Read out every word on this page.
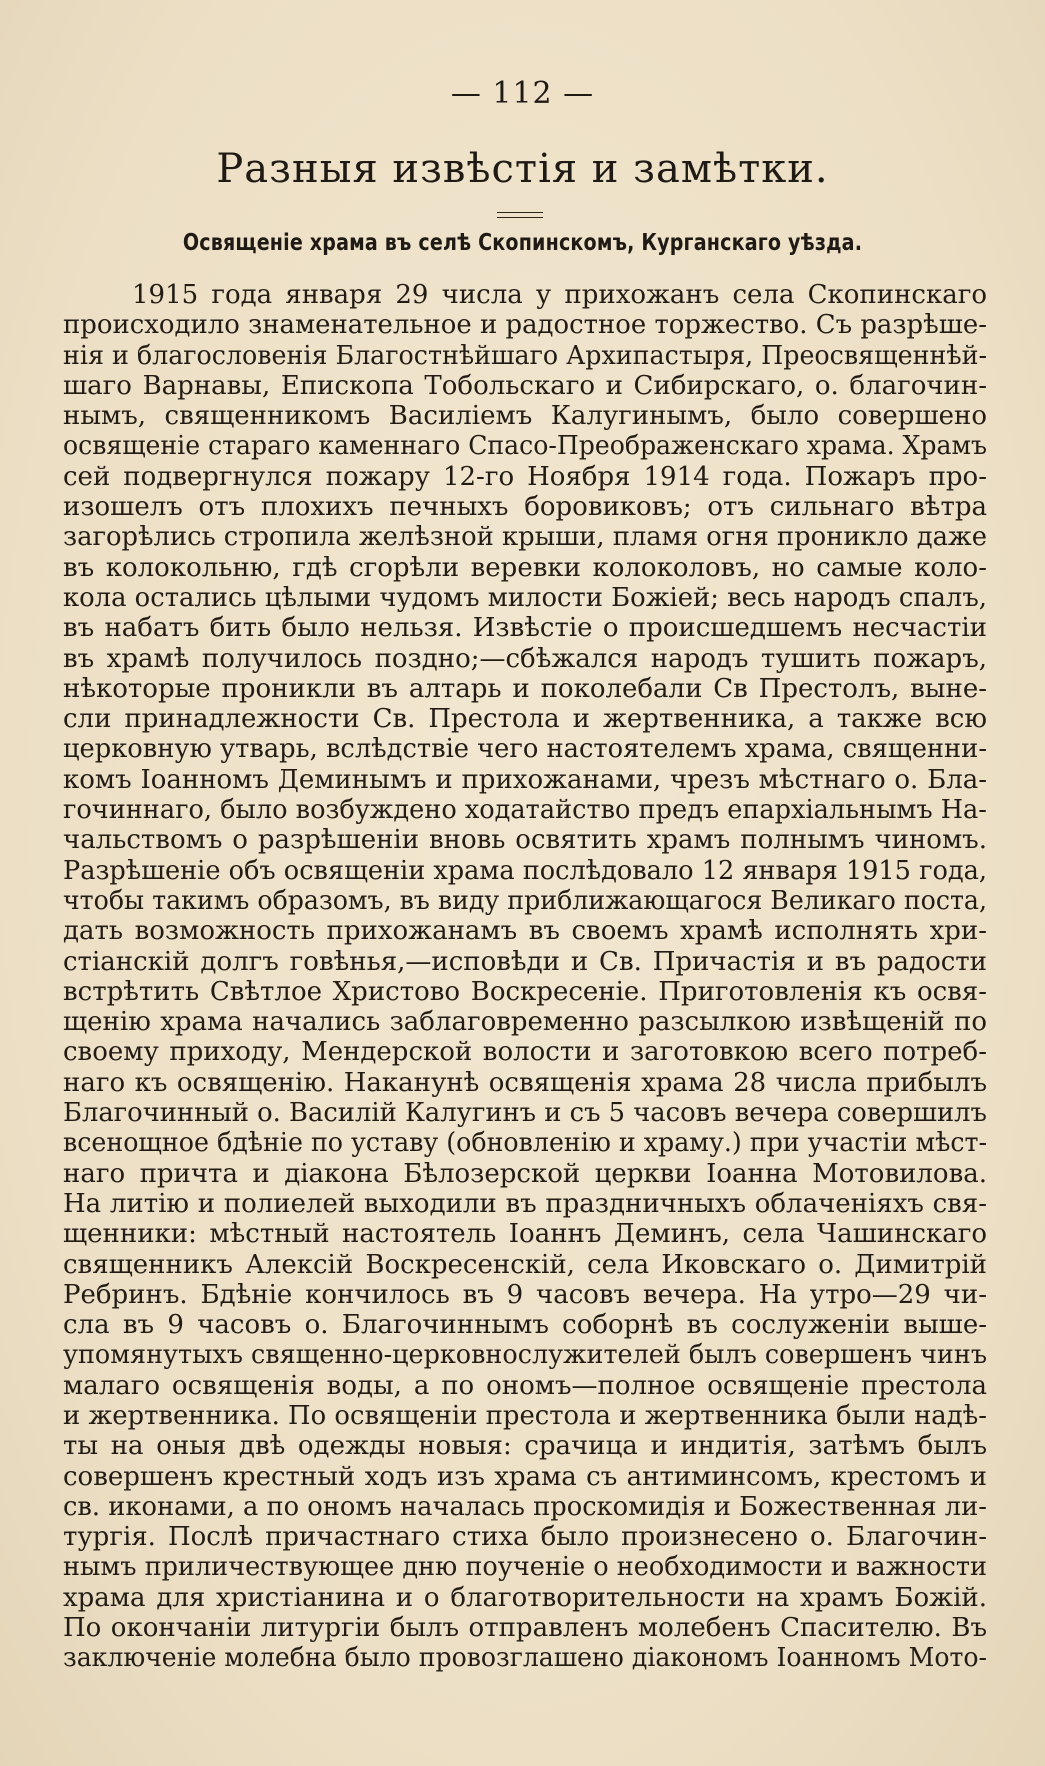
— 112 —
Разныя извѣстія и замѣтки.
Освященіе храма въ селѣ Скопинскомъ, Курганскаго уѣзда.
1915 года января 29 числа у прихожанъ села Скопинскаго
происходило знаменательное и радостное торжество. Съ разрѣше-
нія и благословенія Благостнѣйшаго Архипастыря, Преосвященнѣй-
шаго Варнавы, Епископа Тобольскаго и Сибирскаго, о. благочин-
нымъ, священникомъ Василіемъ Калугинымъ, было совершено
освященіе стараго каменнаго Спасо-Преображенскаго храма. Храмъ
сей подвергнулся пожару 12-го Ноября 1914 года. Пожаръ про-
изошелъ отъ плохихъ печныхъ боровиковъ; отъ сильнаго вѣтра
загорѣлись стропила желѣзной крыши, пламя огня проникло даже
въ колокольню, гдѣ сгорѣли веревки колоколовъ, но самые коло-
кола остались цѣлыми чудомъ милости Божіей; весь народъ спалъ,
въ набатъ бить было нельзя. Извѣстіе о происшедшемъ несчастіи
въ храмѣ получилось поздно;—сбѣжался народъ тушить пожаръ,
нѣкоторые проникли въ алтарь и поколебали Св Престолъ, выне-
сли принадлежности Св. Престола и жертвенника, а также всю
церковную утварь, вслѣдствіе чего настоятелемъ храма, священни-
комъ Іоанномъ Деминымъ и прихожанами, чрезъ мѣстнаго о. Бла-
гочиннаго, было возбуждено ходатайство предъ епархіальнымъ На-
чальствомъ о разрѣшеніи вновь освятить храмъ полнымъ чиномъ.
Разрѣшеніе объ освященіи храма послѣдовало 12 января 1915 года,
чтобы такимъ образомъ, въ виду приближающагося Великаго поста,
дать возможность прихожанамъ въ своемъ храмѣ исполнять хри-
стіанскій долгъ говѣнья,—исповѣди и Св. Причастія и въ радости
встрѣтить Свѣтлое Христово Воскресеніе. Приготовленія къ освя-
щенію храма начались заблаговременно разсылкою извѣщеній по
своему приходу, Мендерской волости и заготовкою всего потреб-
наго къ освященію. Наканунѣ освященія храма 28 числа прибылъ
Благочинный о. Василій Калугинъ и съ 5 часовъ вечера совершилъ
всенощное бдѣніе по уставу (обновленію и храму.) при участіи мѣст-
наго причта и діакона Бѣлозерской церкви Іоанна Мотовилова.
На литію и полиелей выходили въ праздничныхъ облаченіяхъ свя-
щенники: мѣстный настоятель Іоаннъ Деминъ, села Чашинскаго
священникъ Алексій Воскресенскій, села Иковскаго о. Димитрій
Ребринъ. Бдѣніе кончилось въ 9 часовъ вечера. На утро—29 чи-
сла въ 9 часовъ о. Благочиннымъ соборнѣ въ сослуженіи выше-
упомянутыхъ священно-церковнослужителей былъ совершенъ чинъ
малаго освященія воды, а по ономъ—полное освященіе престола
и жертвенника. По освященіи престола и жертвенника были надѣ-
ты на оныя двѣ одежды новыя: срачица и индитія, затѣмъ былъ
совершенъ крестный ходъ изъ храма съ антиминсомъ, крестомъ и
св. иконами, а по ономъ началась проскомидія и Божественная ли-
тургія. Послѣ причастнаго стиха было произнесено о. Благочин-
нымъ приличествующее дню поученіе о необходимости и важности
храма для христіанина и о благотворительности на храмъ Божій.
По окончаніи литургіи былъ отправленъ молебенъ Спасителю. Въ
заключеніе молебна было провозглашено діакономъ Іоанномъ Мото-
